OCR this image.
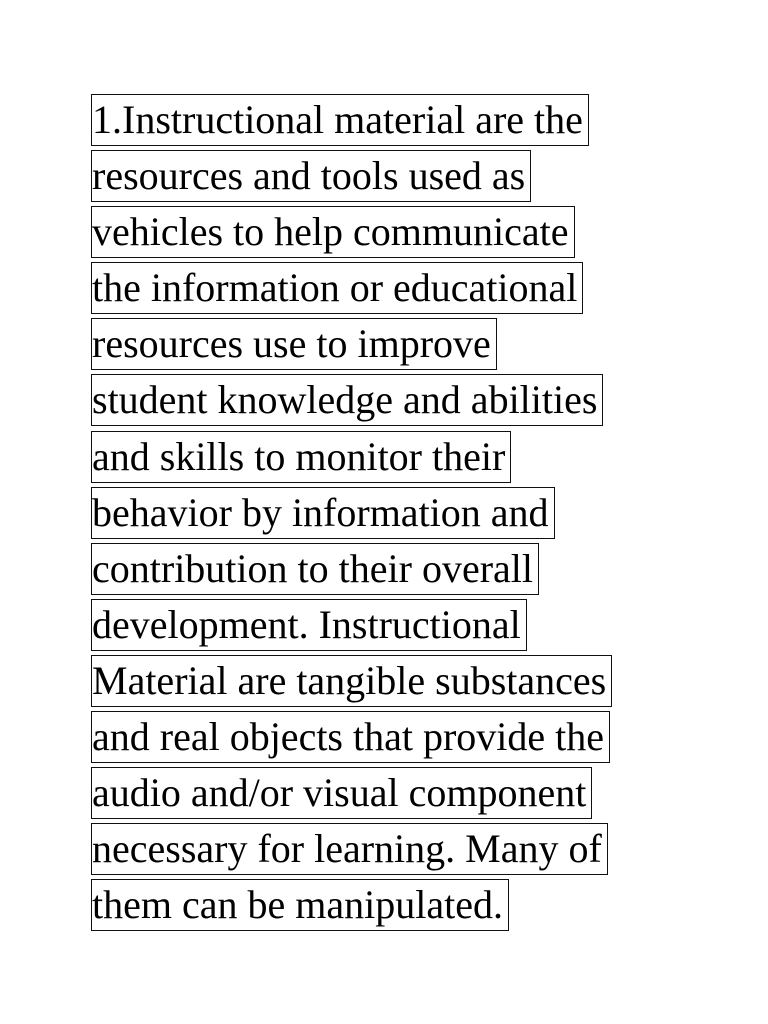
1.Instructional material are the
resources and tools used as
vehicles to help communicate
the information or educational
resources use to improve
student knowledge and abilities
and skills to monitor their
behavior by information and
contribution to their overall
development. Instructional
Material are tangible substances
and real objects that provide the
audio and/or visual component
necessary for learning. Many of
them can be manipulated.
